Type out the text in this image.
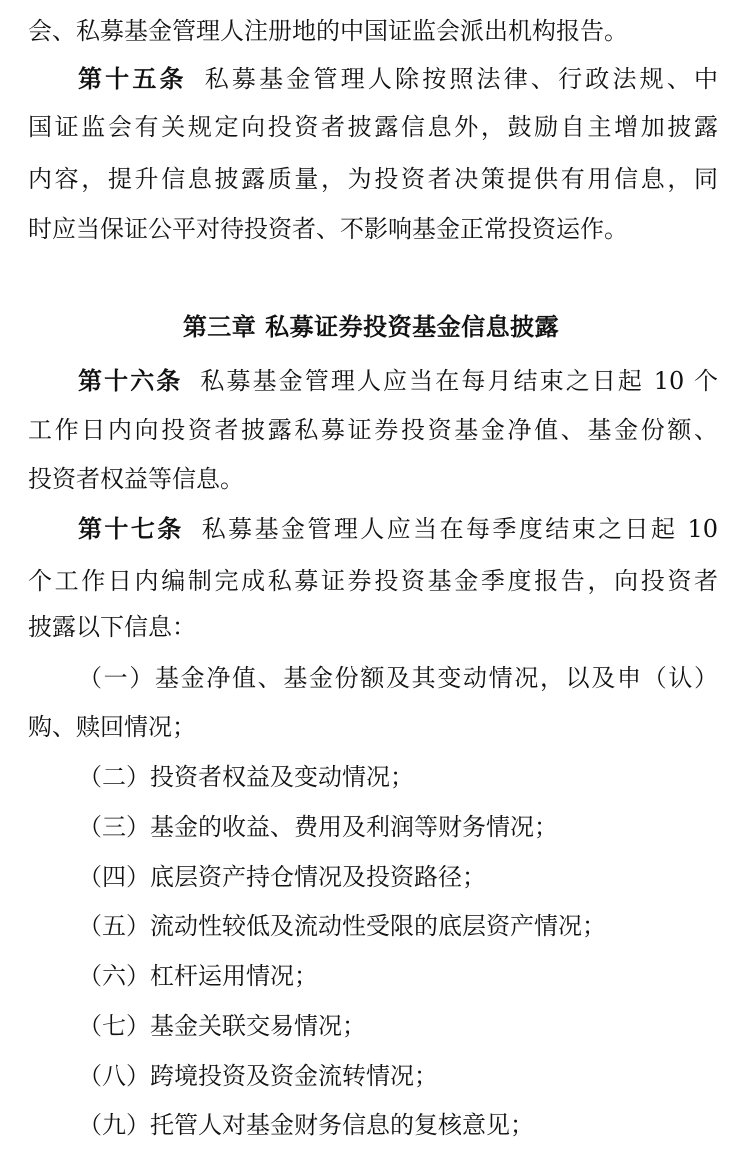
会、私募基金管理人注册地的中国证监会派出机构报告。
第十五条 私募基金管理人除按照法律、行政法规、中
国证监会有关规定向投资者披露信息外，鼓励自主增加披露
内容，提升信息披露质量，为投资者决策提供有用信息，同
时应当保证公平对待投资者、不影响基金正常投资运作。
第三章 私募证券投资基金信息披露
第十六条 私募基金管理人应当在每月结束之日起 10 个
工作日内向投资者披露私募证券投资基金净值、基金份额、
投资者权益等信息。
第十七条 私募基金管理人应当在每季度结束之日起 10
个工作日内编制完成私募证券投资基金季度报告，向投资者
披露以下信息：
（一）基金净值、基金份额及其变动情况，以及申（认）
购、赎回情况；
（二）投资者权益及变动情况；
（三）基金的收益、费用及利润等财务情况；
（四）底层资产持仓情况及投资路径；
（五）流动性较低及流动性受限的底层资产情况；
（六）杠杆运用情况；
（七）基金关联交易情况；
（八）跨境投资及资金流转情况；
（九）托管人对基金财务信息的复核意见；
